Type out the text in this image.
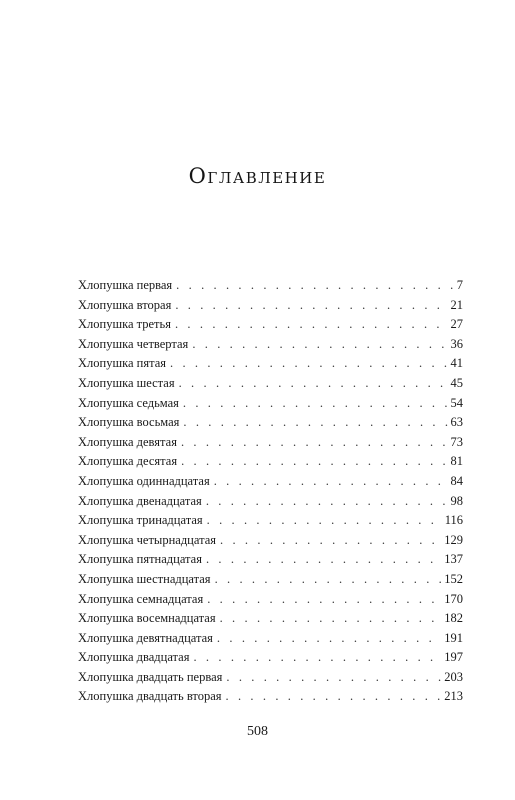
Оглавление
Хлопушка первая . . .	7
Хлопушка вторая . . .	21
Хлопушка третья . . .	27
Хлопушка четвертая . . .	36
Хлопушка пятая . . .	41
Хлопушка шестая . . .	45
Хлопушка седьмая . . .	54
Хлопушка восьмая . . .	63
Хлопушка девятая . . .	73
Хлопушка десятая . . .	81
Хлопушка одиннадцатая . . .	84
Хлопушка двенадцатая . . .	98
Хлопушка тринадцатая . . .	116
Хлопушка четырнадцатая . . .	129
Хлопушка пятнадцатая . . .	137
Хлопушка шестнадцатая . . .	152
Хлопушка семнадцатая . . .	170
Хлопушка восемнадцатая . . .	182
Хлопушка девятнадцатая . . .	191
Хлопушка двадцатая . . .	197
Хлопушка двадцать первая . . .	203
Хлопушка двадцать вторая . . .	213
508
